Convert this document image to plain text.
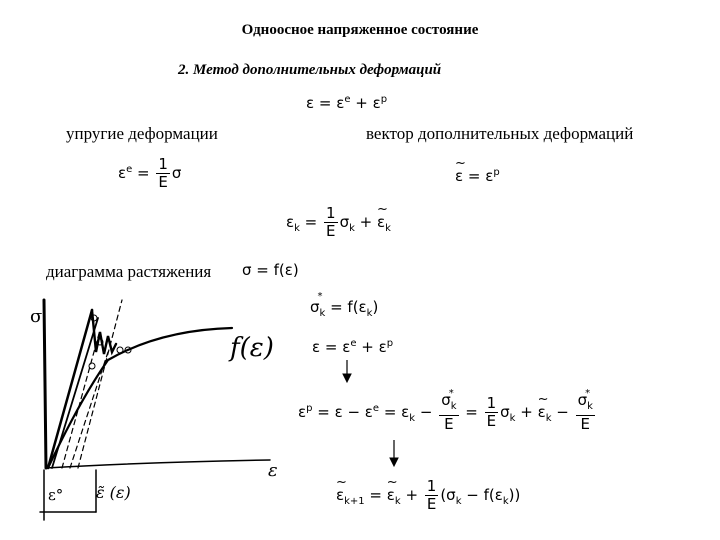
Одноосное напряженное состояние
2. Метод дополнительных деформаций
$\varepsilon = \varepsilon^e + \varepsilon^p$
упругие деформации	вектор дополнительных деформаций
$\varepsilon^e = \frac{1}{E}$ σ
~	$\varepsilon = \varepsilon^p$
$\varepsilon_k = \frac{1}{E} \sigma_k$ + ~ $\varepsilon_k$
диаграмма растяжения σ = f(ε)
σ $*_k = f(\varepsilon_k)$
$\varepsilon = \varepsilon^e + \varepsilon^p$
$\varepsilon^p = \varepsilon - \varepsilon^e = \varepsilon_k - \frac{\sigma *_k}{E} = \frac{1}{E} \sigma_k$ + ~ $\varepsilon_k - \frac{\sigma *_k}{E}$
~ $\varepsilon_{k+1}$ = ~ $\varepsilon_k + \frac{1}{E} (\sigma_k - f(\varepsilon_k))$
f(ε)
σ
ε
ε° ε̃ (ε)
